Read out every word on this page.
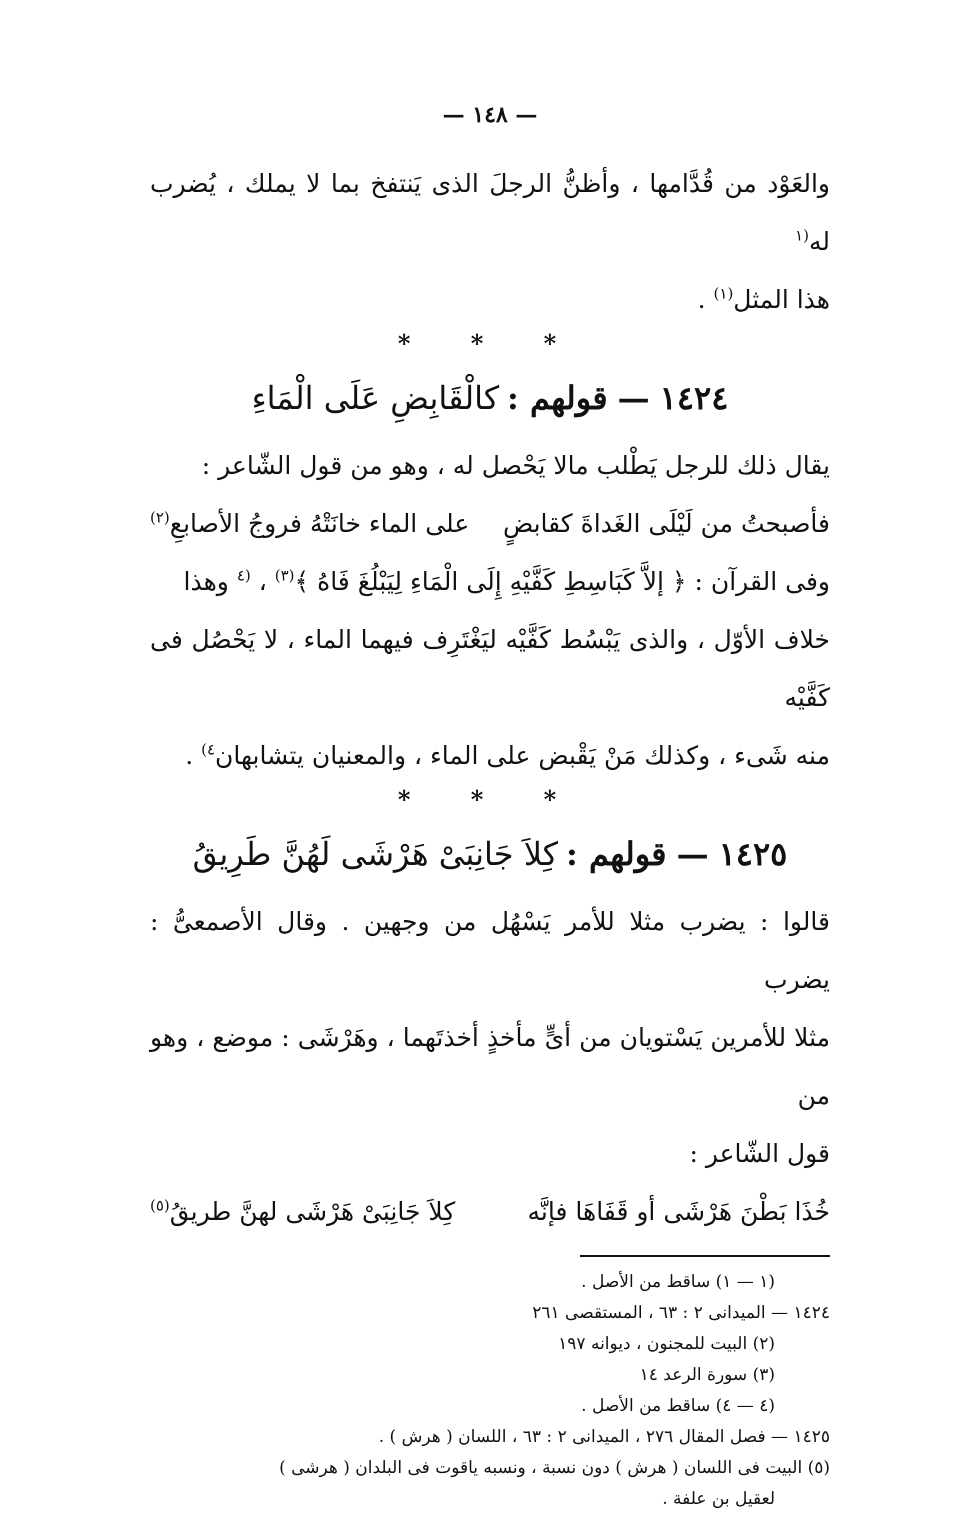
— ١٤٨ —

والعَوْد من قُدَّامها ، وأظنُّ الرجلَ الذى يَنتفخ بما لا يملك ، يُضرب له$^{(١}$

هذا المثل$^{(١)}$ .

* * *

١٤٢٤—قولهم :كالْقَابِضِ عَلَى الْمَاءِ

يقال ذلك للرجل يَطْلب مالا يَحْصل له ، وهو من قول الشّاعر :

فأصبحتُ من لَيْلَى الغَداةَ كقابضٍ
على الماء خانَتْهُ فروجُ الأصابعِ$^{(٢)}$

وفى القرآن : ﴿ إلاَّ كَبَاسِطِ كَفَّيْهِ إِلَى الْمَاءِ لِيَبْلُغَ فَاهُ ﴾$^{(٣)}$ ، $^{(٤}$ وهذا

خلاف الأوّل ، والذى يَبْسُط كَفَّيْه ليَغْتَرِف فيهما الماء ، لا يَحْصُل فى كَفَّيْه

منه شَىء ، وكذلك مَنْ يَقْبض على الماء ، والمعنيان يتشابهان$^{٤)}$ .

* * *

١٤٢٥—قولهم :كِلاَ جَانِبَىْ هَرْشَى لَهُنَّ طَرِيقُ

قالوا : يضرب مثلا للأمر يَسْهُل من وجهين . وقال الأصمعىُّ : يضرب

مثلا للأمرين يَسْتويان من أىٍّ مأخذٍ أخذتَهما ، وهَرْشَى : موضع ، وهو من

قول الشّاعر :

خُذَا بَطْنَ هَرْشَى أو قَفَاهَا فإنَّه
كِلاَ جَانِبَىْ هَرْشَى لهنَّ طريقُ$^{(٥)}$
(١ — ١) ساقط من الأصل .
١٤٢٤ — الميدانى ٢ : ٦٣ ، المستقصى ٢٦١
(٢) البيت للمجنون ، ديوانه ١٩٧
(٣) سورة الرعد ١٤
(٤ — ٤) ساقط من الأصل .
١٤٢٥ — فصل المقال ٢٧٦ ، الميدانى ٢ : ٦٣ ، اللسان ( هرش ) .
(٥) البيت فى اللسان ( هرش ) دون نسبة ، ونسبه ياقوت فى البلدان ( هرشى )
لعقيل بن علفة .
